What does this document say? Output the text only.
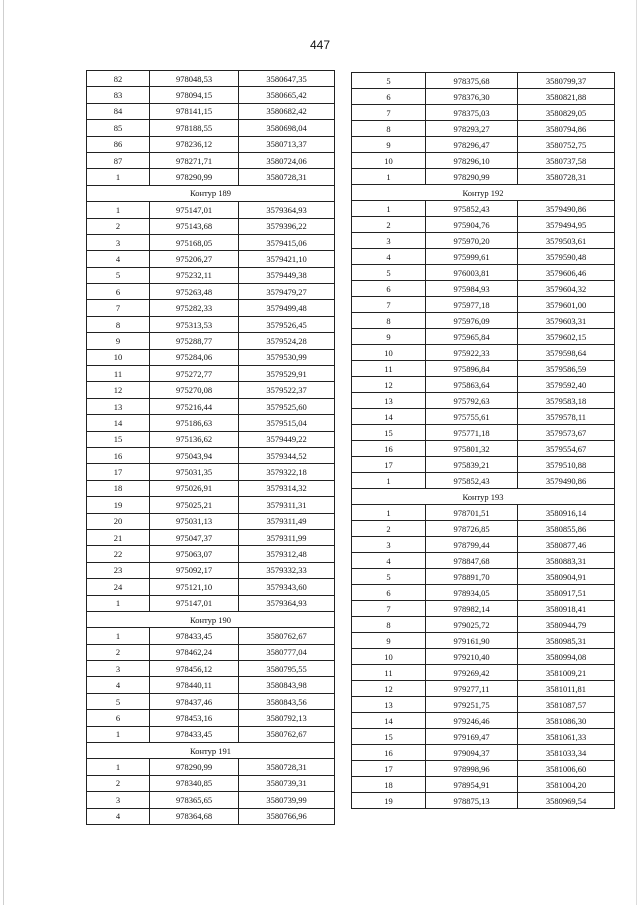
447
82	978048,53	3580647,35
83	978094,15	3580665,42
84	978141,15	3580682,42
85	978188,55	3580698,04
86	978236,12	3580713,37
87	978271,71	3580724,06
1	978290,99	3580728,31
Контур 189		
1	975147,01	3579364,93
2	975143,68	3579396,22
3	975168,05	3579415,06
4	975206,27	3579421,10
5	975232,11	3579449,38
6	975263,48	3579479,27
7	975282,33	3579499,48
8	975313,53	3579526,45
9	975288,77	3579524,28
10	975284,06	3579530,99
11	975272,77	3579529,91
12	975270,08	3579522,37
13	975216,44	3579525,60
14	975186,63	3579515,04
15	975136,62	3579449,22
16	975043,94	3579344,52
17	975031,35	3579322,18
18	975026,91	3579314,32
19	975025,21	3579311,31
20	975031,13	3579311,49
21	975047,37	3579311,99
22	975063,07	3579312,48
23	975092,17	3579332,33
24	975121,10	3579343,60
1	975147,01	3579364,93
Контур 190		
1	978433,45	3580762,67
2	978462,24	3580777,04
3	978456,12	3580795,55
4	978440,11	3580843,98
5	978437,46	3580843,56
6	978453,16	3580792,13
1	978433,45	3580762,67
Контур 191		
1	978290,99	3580728,31
2	978340,85	3580739,31
3	978365,65	3580739,99
4	978364,68	3580766,96
5	978375,68	3580799,37
6	978376,30	3580821,88
7	978375,03	3580829,05
8	978293,27	3580794,86
9	978296,47	3580752,75
10	978296,10	3580737,58
1	978290,99	3580728,31
Контур 192		
1	975852,43	3579490,86
2	975904,76	3579494,95
3	975970,20	3579503,61
4	975999,61	3579590,48
5	976003,81	3579606,46
6	975984,93	3579604,32
7	975977,18	3579601,00
8	975976,09	3579603,31
9	975965,84	3579602,15
10	975922,33	3579598,64
11	975896,84	3579586,59
12	975863,64	3579592,40
13	975792,63	3579583,18
14	975755,61	3579578,11
15	975771,18	3579573,67
16	975801,32	3579554,67
17	975839,21	3579510,88
1	975852,43	3579490,86
Контур 193		
1	978701,51	3580916,14
2	978726,85	3580855,86
3	978799,44	3580877,46
4	978847,68	3580883,31
5	978891,70	3580904,91
6	978934,05	3580917,51
7	978982,14	3580918,41
8	979025,72	3580944,79
9	979161,90	3580985,31
10	979210,40	3580994,08
11	979269,42	3581009,21
12	979277,11	3581011,81
13	979251,75	3581087,57
14	979246,46	3581086,30
15	979169,47	3581061,33
16	979094,37	3581033,34
17	978998,96	3581006,60
18	978954,91	3581004,20
19	978875,13	3580969,54
